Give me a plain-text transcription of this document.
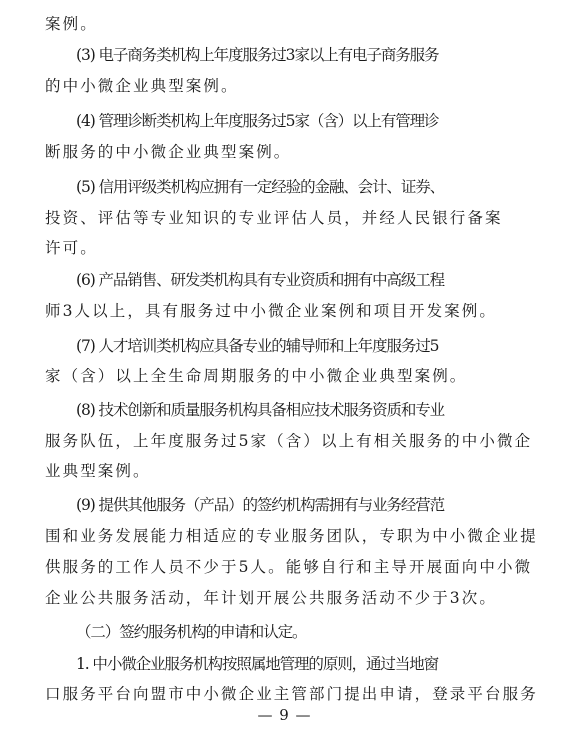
案例。
(3) 电子商务类机构上年度服务过3家以上有电子商务服务
的中小微企业典型案例。
(4) 管理诊断类机构上年度服务过5家（含）以上有管理诊
断服务的中小微企业典型案例。
(5) 信用评级类机构应拥有一定经验的金融、会计、证券、
投资、评估等专业知识的专业评估人员，并经人民银行备案
许可。
(6) 产品销售、研发类机构具有专业资质和拥有中高级工程
师3人以上，具有服务过中小微企业案例和项目开发案例。
(7) 人才培训类机构应具备专业的辅导师和上年度服务过5
家（含）以上全生命周期服务的中小微企业典型案例。
(8) 技术创新和质量服务机构具备相应技术服务资质和专业
服务队伍，上年度服务过5家（含）以上有相关服务的中小微企
业典型案例。
(9) 提供其他服务（产品）的签约机构需拥有与业务经营范
围和业务发展能力相适应的专业服务团队，专职为中小微企业提
供服务的工作人员不少于5人。能够自行和主导开展面向中小微
企业公共服务活动，年计划开展公共服务活动不少于3次。
（二）签约服务机构的申请和认定。
1. 中小微企业服务机构按照属地管理的原则，通过当地窗
口服务平台向盟市中小微企业主管部门提出申请，登录平台服务
— 9 —
